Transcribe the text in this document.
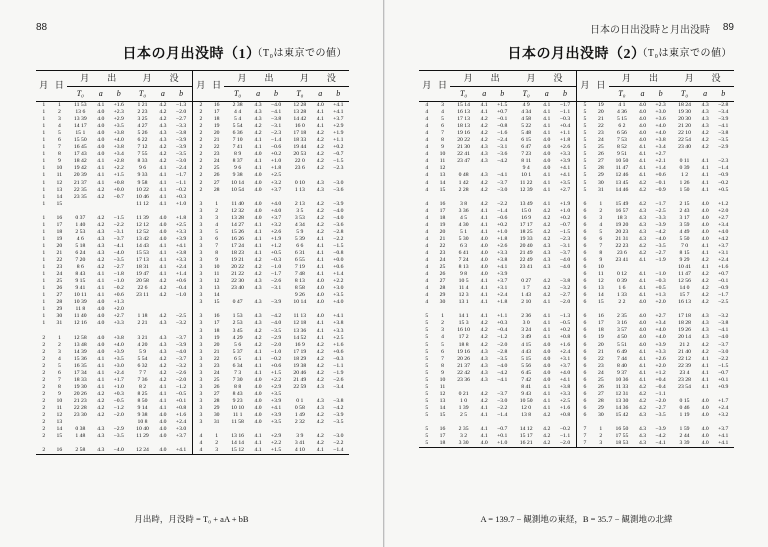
88
日本の月出没時（1）
（T₀は東京での値）
月	日	月　　出			月　　没			月	日	月　　出			月　　没		
		T₀	a	b	T₀	a	b			T₀	a	b	T₀	a	b
1	1	11 53	4.1	+1.6	1 21	4.2	−1.3	2	16	2 38	4.3	−4.0	12 28	4.0	+4.1
1	2	13 6	4.0	+2.3	2 23	4.2	−2.0	2	17	4 4	4.3	−4.1	13 28	4.1	+4.1
1	3	13 39	4.0	+2.9	3 25	4.2	−2.7	2	18	5 4	4.3	−3.8	14 42	4.1	+3.7
1	4	14 17	4.0	+3.5	4 27	4.3	−3.3	2	19	5 54	4.2	−3.1	16 0	4.1	+2.9
1	5	15 1	4.0	+3.8	5 26	4.3	−3.8	2	20	6 36	4.2	−2.3	17 18	4.2	+1.9
1	6	15 50	4.0	+4.0	6 22	4.3	−3.9	2	21	7 10	4.1	−1.4	18 33	4.2	+1.1
1	7	16 45	4.0	+3.8	7 12	4.2	−3.9	2	22	7 41	4.1	−0.6	19 44	4.2	+0.2
1	8	17 43	4.0	+3.4	7 55	4.2	−3.5	2	23	8 9	4.0	+0.2	20 53	4.2	−0.7
1	9	18 42	4.1	+2.8	8 33	4.2	−3.0	2	24	8 37	4.1	+1.0	22 0	4.2	−1.5
1	10	19 42	4.1	+2.2	9 6	4.1	−2.4	2	25	9 6	4.1	+1.8	23 6	4.2	−2.3
1	11	20 39	4.1	+1.5	9 33	4.1	−1.7	2	26	9 38	4.0	+2.5			
1	12	21 37	4.1	+0.8	9 58	4.1	−1.1	2	27	10 14	4.0	+3.2	0 10	4.3	−3.0
1	13	22 35	4.2	+0.0	10 22	4.1	−0.2	2	28	10 54	4.0	+3.7	1 13	4.3	−3.6
1	14	23 35	4.2	−0.7	10 46	4.1	+0.3								
1	15				11 12	4.1	+1.0	3	1	11 40	4.0	+4.0	2 13	4.2	−3.9
								3	2	12 32	4.0	+4.0	3 5	4.2	−4.0
1	16	0 37	4.2	−1.5	11 39	4.0	+1.8	3	3	13 28	4.0	+3.7	3 53	4.2	−4.0
1	17	1 40	4.2	−2.2	12 12	4.0	+2.5	3	4	14 27	4.1	+3.2	4 34	4.2	−3.6
1	18	2 53	4.3	−3.1	12 52	4.0	+3.3	3	5	15 26	4.1	+2.6	5 9	4.2	−2.8
1	19	4 6	4.3	−3.7	13 42	4.0	+3.9	3	6	16 26	4.1	+1.9	5 39	4.1	−2.2
1	20	5 18	4.3	−4.1	14 43	4.1	+4.1	3	7	17 24	4.1	+1.2	6 6	4.1	−1.5
1	21	6 24	4.3	−4.0	15 53	4.1	+3.8	3	8	18 23	4.1	+0.5	6 31	4.1	−0.8
1	22	7 20	4.2	−3.5	17 13	4.1	+3.3	3	9	19 21	4.2	−0.3	6 55	4.1	+0.0
1	23	8 6	4.2	−2.7	18 31	4.1	+2.4	3	10	20 22	4.2	−1.0	7 19	4.1	+0.6
1	24	8 43	4.1	−1.8	19 47	4.1	+1.4	3	11	21 22	4.2	−1.7	7 48	4.1	+1.4
1	25	9 15	4.1	−1.0	20 58	4.2	+0.6	3	12	22 30	4.3	−2.6	8 13	4.0	+2.2
1	26	9 41	4.1	−0.2	22 6	4.2	−0.4	3	13	23 40	4.3	−3.1	8 58	4.0	+3.0
1	27	10 11	4.1	+0.6	23 11	4.2	−1.0	3	14				9 26	4.0	+3.5
1	28	10 39	4.0	+1.3				3	15	0 47	4.3	−3.9	10 14	4.0	+4.0
1	29	11 8	4.0	+2.0											
1	30	11 40	4.0	+2.7	1 18	4.2	−2.5	3	16	1 53	4.3	−4.2	11 13	4.0	+4.1
1	31	12 16	4.0	+3.3	2 21	4.3	−3.2	3	17	2 53	4.3	−4.0	12 18	4.1	+3.8
								3	18	3 45	4.2	−3.5	13 36	4.1	+3.3
2	1	12 58	4.0	+3.8	3 21	4.3	−3.7	3	19	4 29	4.2	−2.9	14 52	4.1	+2.5
2	2	13 48	4.0	+4.0	4 20	4.3	−3.9	3	20	5 6	4.2	−2.0	16 9	4.2	+1.6
2	3	14 39	4.0	+3.9	5 9	4.3	−4.0	3	21	5 37	4.1	−1.0	17 19	4.2	+0.6
2	4	15 36	4.1	+3.5	5 54	4.2	−3.7	3	22	6 5	4.1	−0.2	18 29	4.2	−0.3
2	5	16 35	4.1	+3.0	6 32	4.2	−3.2	3	23	6 34	4.1	+0.6	19 38	4.2	−1.1
2	6	17 34	4.1	+2.4	7 7	4.2	−2.6	3	24	7 3	4.1	+1.5	20 46	4.2	−1.9
2	7	18 33	4.1	+1.7	7 36	4.2	−2.0	3	25	7 30	4.0	+2.2	21 49	4.2	−2.6
2	8	19 30	4.1	+1.0	8 2	4.1	−1.2	3	26	8 8	4.0	+2.9	22 59	4.3	−3.4
2	9	20 26	4.2	+0.3	8 25	4.1	−0.5	3	27	8 43	4.0	+3.5			
2	10	21 23	4.2	−0.5	8 50	4.1	+0.1	3	28	9 23	4.0	+3.9	0 1	4.3	−3.8
2	11	22 28	4.2	−1.2	9 14	4.1	+0.8	3	29	10 10	4.0	+4.1	0 58	4.3	−4.2
2	12	23 30	4.2	−2.0	9 38	4.0	+1.6	3	30	11 1	4.0	+3.9	1 49	4.2	−3.9
2	13				10 8	4.0	+2.4	3	31	11 58	4.0	+3.5	2 32	4.2	−3.5
2	14	0 38	4.3	−2.9	10 40	4.0	+3.0								
2	15	1 48	4.3	−3.5	11 29	4.0	+3.7	4	1	13 16	4.1	+2.9	3 9	4.2	−3.0
								4	2	14 14	4.1	+2.2	3 41	4.2	−2.2
2	16	2 58	4.3	−4.0	12 24	4.0	+4.1	4	3	15 12	4.1	+1.5	4 10	4.1	−1.4

月出時，月没時 = T₀ + aA + bB
日本の日出没時と月出没時 89
日本の月出没時（2）
（T₀は東京での値）
月	日	月　　出			月　　没			月	日	月　　出			月　　没		
		T₀	a	b	T₀	a	b			T₀	a	b	T₀	a	b
4	3	15 14	4.1	+1.5	4 9	4.1	−1.7	5	19	4 1	4.0	+2.3	18 24	4.3	−2.8
4	4	16 13	4.1	+0.7	4 34	4.1	−1.1	5	20	4 36	4.0	+3.0	19 30	4.3	−3.4
4	5	17 13	4.2	−0.1	4 58	4.1	−0.3	5	21	5 15	4.0	+3.6	20 30	4.3	−3.9
4	6	18 13	4.2	−0.8	5 22	4.1	+0.4	5	22	6 2	4.0	+4.0	21 20	4.3	−4.1
4	7	19 16	4.2	−1.6	5 48	4.1	+1.1	5	23	6 56	4.0	+4.0	22 10	4.2	−3.8
4	8	20 22	4.2	−2.4	6 15	4.0	+1.8	5	24	7 53	4.0	+3.8	22 54	4.2	−3.5
4	9	21 30	4.3	−3.1	6 47	4.0	+2.6	5	25	8 52	4.1	+3.4	23 40	4.2	−2.9
4	10	22 41	4.3	−3.6	7 23	4.0	+3.3	5	26	9 51	4.1	+2.7			
4	11	23 47	4.3	−4.2	8 11	4.0	+3.9	5	27	10 50	4.1	+2.1	0 11	4.1	−2.3
4	12				9 4	4.0	+4.1	5	28	11 47	4.1	+1.4	0 39	4.1	−1.4
4	13	0 48	4.3	−4.1	10 1	4.1	+4.1	5	29	12 46	4.1	+0.6	1 2	4.1	−0.9
4	14	1 42	4.2	−3.7	11 22	4.1	+3.5	5	30	13 45	4.2	−0.1	1 26	4.1	−0.2
4	15	2 28	4.2	−3.0	12 39	4.1	+2.7	5	31	14 46	4.2	−0.9	1 50	4.1	+0.5

4	16	3 8	4.2	−2.2	13 49	4.1	+1.9	6	1	15 49	4.2	−1.7	2 15	4.0	+1.2
4	17	3 36	4.1	−1.4	15 0	4.2	+1.0	6	2	16 57	4.3	−2.5	2 43	4.0	+2.0
4	18	4 5	4.1	−0.6	16 9	4.2	+0.2	6	3	18 3	4.3	−3.3	3 17	4.0	+2.7
4	19	4 30	4.1	+0.2	17 17	4.2	−0.7	6	4	19 20	4.3	−3.9	3 59	4.0	+3.4
4	20	5 1	4.1	+1.0	18 25	4.2	−1.5	6	5	20 23	4.3	−4.2	4 49	4.0	+4.0
4	21	5 30	4.0	+1.8	19 33	4.2	−2.3	6	6	21 31	4.3	−4.0	5 50	4.0	+4.2
4	22	6 3	4.0	+2.6	20 40	4.3	−3.1	6	7	22 23	4.2	−3.5	7 0	4.1	+3.7
4	23	6 41	4.0	+3.3	21 49	4.3	−3.7	6	8	23 6	4.2	−2.7	8 15	4.1	+3.1
4	24	7 24	4.0	+3.8	22 49	4.3	−4.0	6	9	23 41	4.1	−1.9	9 29	4.2	+2.4
4	25	8 13	4.0	+4.1	23 41	4.3	−4.0	6	10				10 41	4.1	+1.6
4	26	9 8	4.0	+3.9				6	11	0 12	4.1	−1.0	11 47	4.2	+0.7
4	27	10 5	4.1	+3.7	0 27	4.2	−3.8	6	12	0 39	4.1	−0.3	12 56	4.2	−0.1
4	28	11 4	4.1	+3.1	1 7	4.2	−3.2	6	13	1 6	4.1	+0.5	14 0	4.2	−0.9
4	29	12 3	4.1	+2.4	1 43	4.2	−2.7	6	14	1 33	4.1	+1.3	15 7	4.2	−1.7
4	30	13 1	4.1	+1.8	2 10	4.1	−2.0	6	15	2 2	4.0	+2.0	16 13	4.2	−2.5

5	1	14 1	4.1	+1.1	2 36	4.1	−1.3	6	16	2 35	4.0	+2.7	17 18	4.3	−3.2
5	2	15 3	4.2	+0.3	3 0	4.1	−0.5	6	17	3 16	4.0	+3.4	18 28	4.3	−3.8
5	3	16 10	4.2	−0.4	3 24	4.1	+0.2	6	18	3 57	4.0	+4.0	19 26	4.3	−4.1
5	4	17 2	4.2	−1.2	3 49	4.1	+0.8	6	19	4 50	4.0	+4.0	20 14	4.3	−4.0
5	5	18 8	4.2	−2.0	4 15	4.0	+1.6	6	20	5 51	4.0	+3.9	21 2	4.2	−3.7
5	6	19 16	4.3	−2.8	4 43	4.0	+2.4	6	21	6 49	4.1	+3.3	21 40	4.2	−3.0
5	7	20 26	4.3	−3.5	5 15	4.0	+3.1	6	22	7 44	4.1	+2.6	22 12	4.1	−2.2
5	8	21 37	4.3	−4.0	5 56	4.0	+3.7	6	23	8 40	4.1	+2.0	22 39	4.1	−1.5
5	9	22 42	4.3	−4.2	6 45	4.0	+4.0	6	24	9 37	4.1	+1.2	23 4	4.1	−0.7
5	10	23 36	4.3	−4.1	7 42	4.0	+4.1	6	25	10 36	4.1	+0.4	23 28	4.1	+0.1
5	11				8 41	4.1	+3.8	6	26	11 33	4.2	−0.4	23 54	4.1	+0.9
5	12	0 21	4.2	−3.7	9 43	4.1	+3.3	6	27	12 31	4.2	−1.1			
5	13	1 0	4.2	−3.0	10 50	4.1	+2.5	6	28	13 30	4.2	−2.0	0 15	4.0	+1.7
5	14	1 39	4.1	−2.2	12 0	4.1	+1.6	6	29	14 36	4.2	−2.7	0 46	4.0	+2.4
5	15	2 5	4.1	−1.4	13 8	4.2	+0.8	6	30	15 42	4.3	−3.5	1 19	4.0	+3.2

5	16	2 35	4.1	−0.7	14 12	4.2	−0.2	7	1	16 50	4.3	−3.9	1 59	4.0	+3.7
5	17	3 2	4.1	+0.1	15 17	4.2	−1.1	7	2	17 55	4.3	−4.2	2 44	4.0	+4.1
5	18	3 30	4.0	+1.0	16 21	4.2	−2.0	7	3	18 53	4.3	−4.1	3 39	4.0	+4.1

A = 139.7 − 観測地の東経，B = 35.7 − 観測地の北緯
